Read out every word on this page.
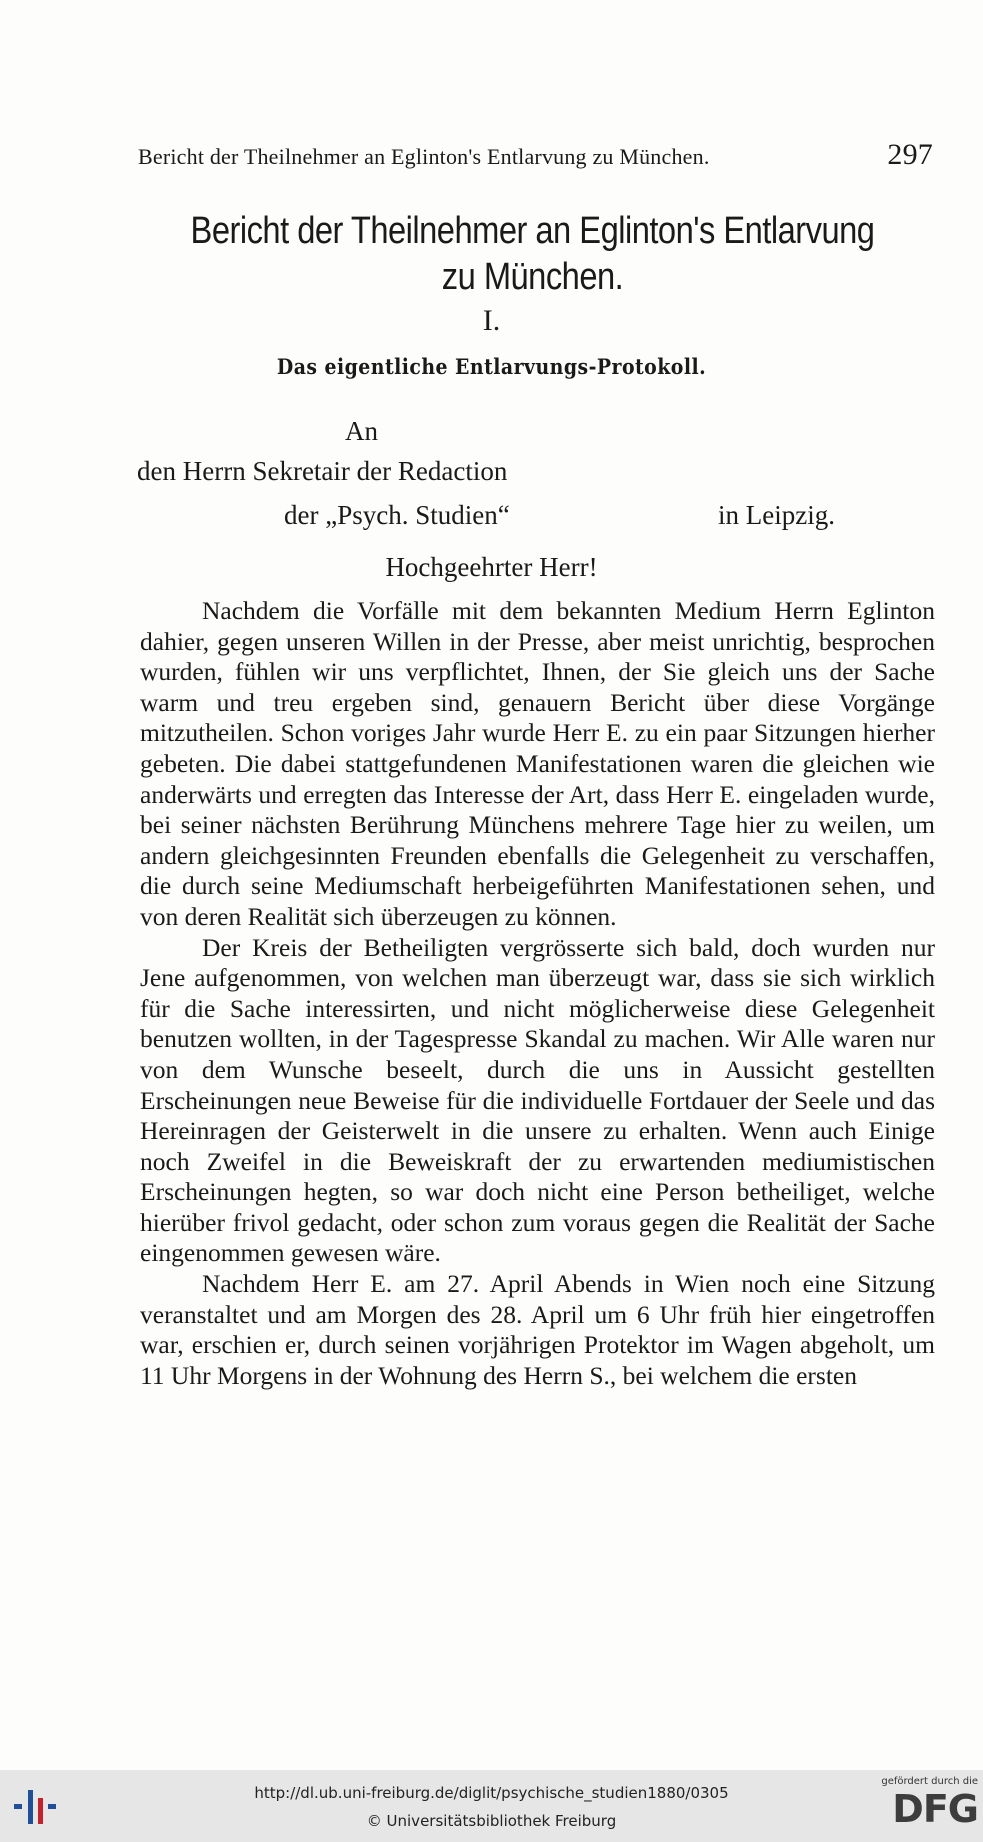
Bericht der Theilnehmer an Eglinton's Entlarvung zu München.	297
Bericht der Theilnehmer an Eglinton's Entlarvung zu München.
I.
Das eigentliche Entlarvungs-Protokoll.
An
den Herrn Sekretair der Redaction
der „Psych. Studien“	in Leipzig.
Hochgeehrter Herr!

Nachdem die Vorfälle mit dem bekannten Medium Herrn Eglinton dahier, gegen unseren Willen in der Presse, aber meist unrichtig, besprochen wurden, fühlen wir uns verpflichtet, Ihnen, der Sie gleich uns der Sache warm und treu ergeben sind, genauern Bericht über diese Vorgänge mitzutheilen. Schon voriges Jahr wurde Herr E. zu ein paar Sitzungen hierher gebeten. Die dabei stattgefundenen Manifestationen waren die gleichen wie anderwärts und erregten das Interesse der Art, dass Herr E. eingeladen wurde, bei seiner nächsten Berührung Münchens mehrere Tage hier zu weilen, um andern gleichgesinnten Freunden ebenfalls die Gelegenheit zu verschaffen, die durch seine Mediumschaft herbeigeführten Manifestationen sehen, und von deren Realität sich überzeugen zu können.

Der Kreis der Betheiligten vergrösserte sich bald, doch wurden nur Jene aufgenommen, von welchen man überzeugt war, dass sie sich wirklich für die Sache interessirten, und nicht möglicherweise diese Gelegenheit benutzen wollten, in der Tagespresse Skandal zu machen. Wir Alle waren nur von dem Wunsche beseelt, durch die uns in Aussicht gestellten Erscheinungen neue Beweise für die individuelle Fortdauer der Seele und das Hereinragen der Geisterwelt in die unsere zu erhalten. Wenn auch Einige noch Zweifel in die Beweiskraft der zu erwartenden mediumistischen Erscheinungen hegten, so war doch nicht eine Person betheiliget, welche hierüber frivol gedacht, oder schon zum voraus gegen die Realität der Sache eingenommen gewesen wäre.

Nachdem Herr E. am 27. April Abends in Wien noch eine Sitzung veranstaltet und am Morgen des 28. April um 6 Uhr früh hier eingetroffen war, erschien er, durch seinen vorjährigen Protektor im Wagen abgeholt, um 11 Uhr Morgens in der Wohnung des Herrn S., bei welchem die ersten

http://dl.ub.uni-freiburg.de/diglit/psychische_studien1880/0305
© Universitätsbibliothek Freiburg
gefördert durch die
DFG
